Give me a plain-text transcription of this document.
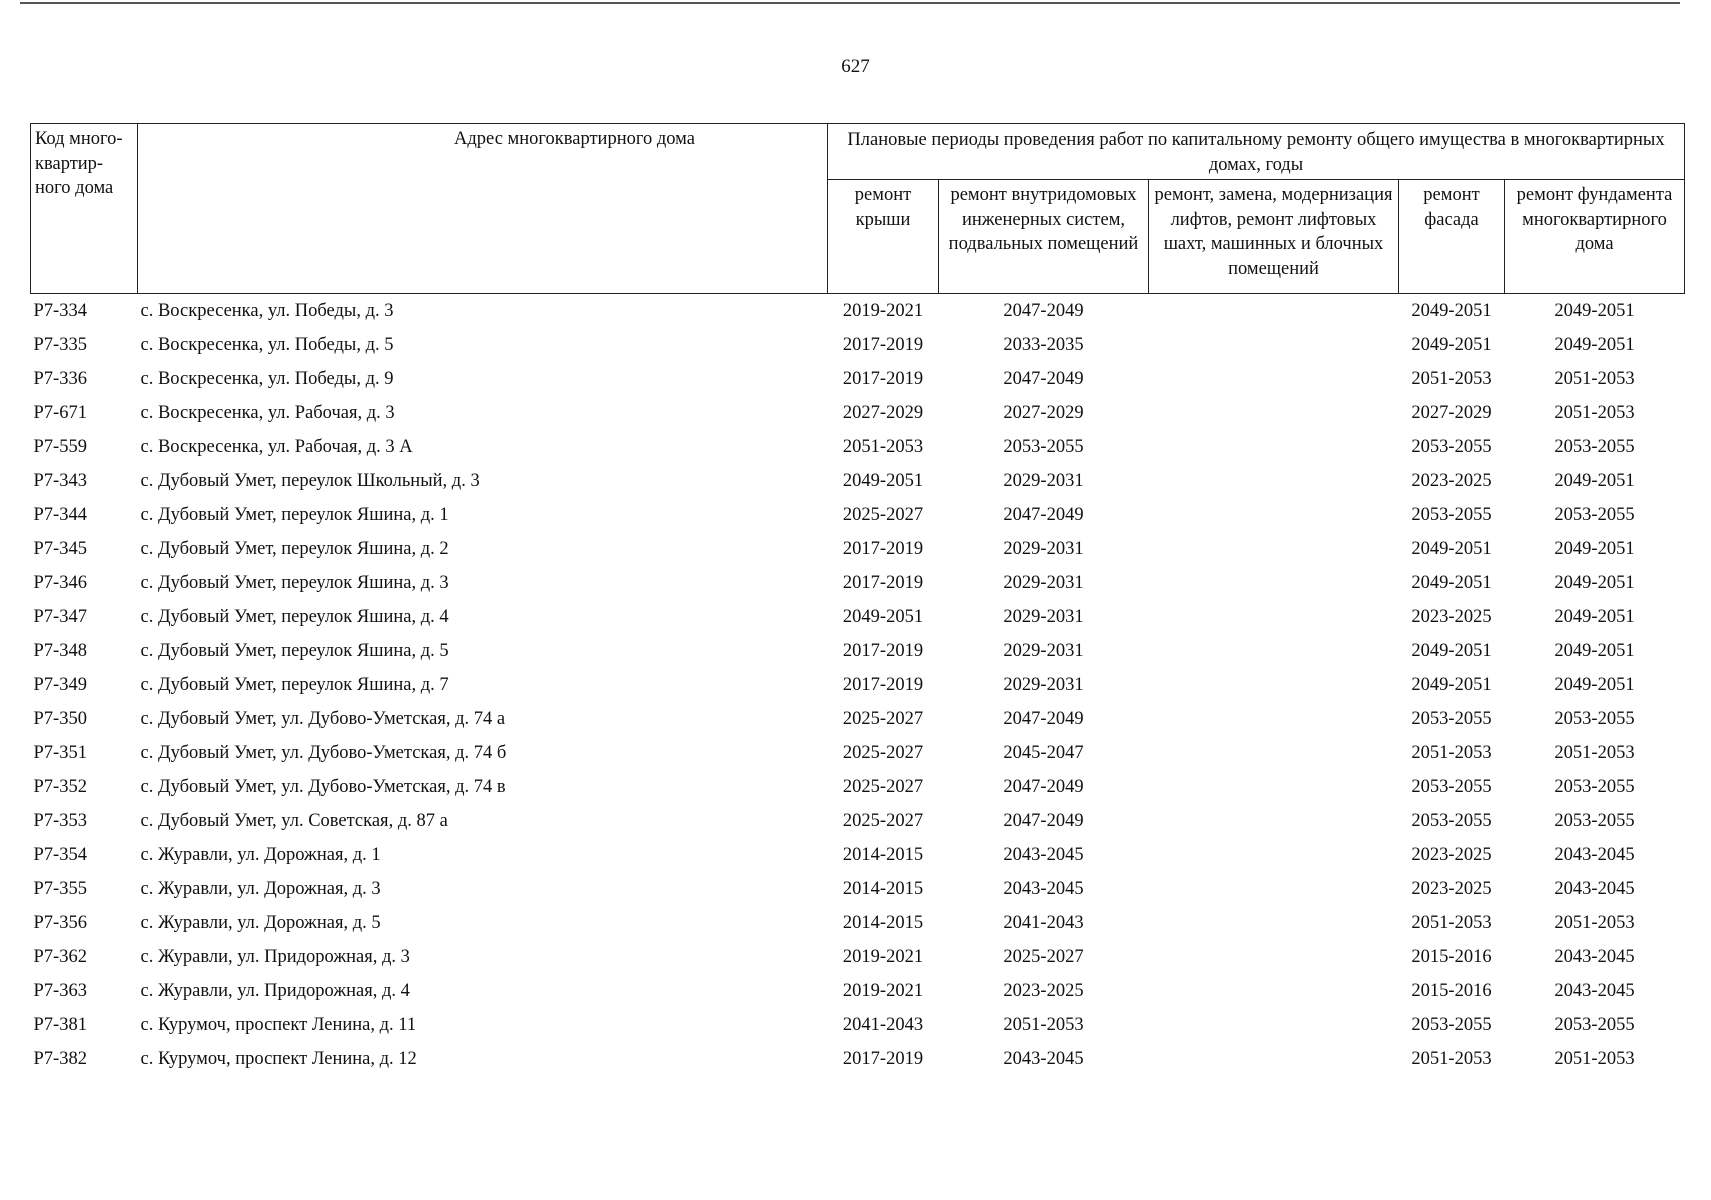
627
Код много-квартир-ного дома	Адрес многоквартирного дома	Плановые периоды проведения работ по капитальному ремонту общего имущества в многоквартирных домах, годы				
		ремонт крыши	ремонт внутридомовых инженерных систем, подвальных помещений	ремонт, замена, модернизация лифтов, ремонт лифтовых шахт, машинных и блочных помещений	ремонт фасада	ремонт фундамента многоквартирного дома
P7-334	с. Воскресенка, ул. Победы, д. 3	2019-2021	2047-2049		2049-2051	2049-2051
P7-335	с. Воскресенка, ул. Победы, д. 5	2017-2019	2033-2035		2049-2051	2049-2051
P7-336	с. Воскресенка, ул. Победы, д. 9	2017-2019	2047-2049		2051-2053	2051-2053
P7-671	с. Воскресенка, ул. Рабочая, д. 3	2027-2029	2027-2029		2027-2029	2051-2053
P7-559	с. Воскресенка, ул. Рабочая, д. 3 А	2051-2053	2053-2055		2053-2055	2053-2055
P7-343	с. Дубовый Умет, переулок Школьный, д. 3	2049-2051	2029-2031		2023-2025	2049-2051
P7-344	с. Дубовый Умет, переулок Яшина, д. 1	2025-2027	2047-2049		2053-2055	2053-2055
P7-345	с. Дубовый Умет, переулок Яшина, д. 2	2017-2019	2029-2031		2049-2051	2049-2051
P7-346	с. Дубовый Умет, переулок Яшина, д. 3	2017-2019	2029-2031		2049-2051	2049-2051
P7-347	с. Дубовый Умет, переулок Яшина, д. 4	2049-2051	2029-2031		2023-2025	2049-2051
P7-348	с. Дубовый Умет, переулок Яшина, д. 5	2017-2019	2029-2031		2049-2051	2049-2051
P7-349	с. Дубовый Умет, переулок Яшина, д. 7	2017-2019	2029-2031		2049-2051	2049-2051
P7-350	с. Дубовый Умет, ул. Дубово-Уметская, д. 74 а	2025-2027	2047-2049		2053-2055	2053-2055
P7-351	с. Дубовый Умет, ул. Дубово-Уметская, д. 74 б	2025-2027	2045-2047		2051-2053	2051-2053
P7-352	с. Дубовый Умет, ул. Дубово-Уметская, д. 74 в	2025-2027	2047-2049		2053-2055	2053-2055
P7-353	с. Дубовый Умет, ул. Советская, д. 87 а	2025-2027	2047-2049		2053-2055	2053-2055
P7-354	с. Журавли, ул. Дорожная, д. 1	2014-2015	2043-2045		2023-2025	2043-2045
P7-355	с. Журавли, ул. Дорожная, д. 3	2014-2015	2043-2045		2023-2025	2043-2045
P7-356	с. Журавли, ул. Дорожная, д. 5	2014-2015	2041-2043		2051-2053	2051-2053
P7-362	с. Журавли, ул. Придорожная, д. 3	2019-2021	2025-2027		2015-2016	2043-2045
P7-363	с. Журавли, ул. Придорожная, д. 4	2019-2021	2023-2025		2015-2016	2043-2045
P7-381	с. Курумоч, проспект Ленина, д. 11	2041-2043	2051-2053		2053-2055	2053-2055
P7-382	с. Курумоч, проспект Ленина, д. 12	2017-2019	2043-2045		2051-2053	2051-2053
